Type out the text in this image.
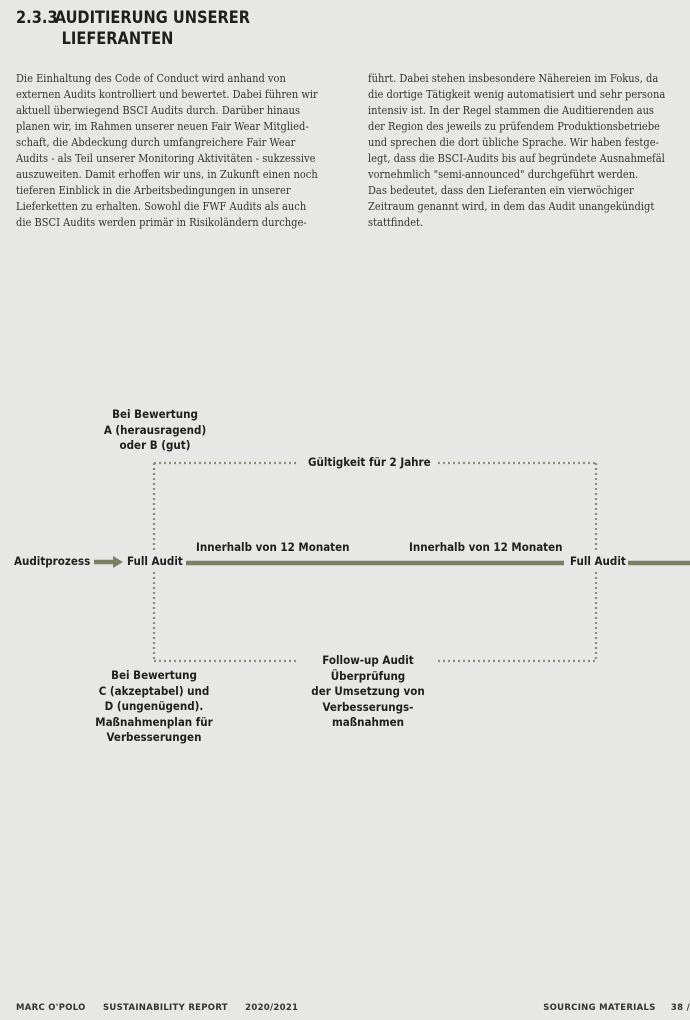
2.3.3AUDITIERUNG UNSERER
LIEFERANTEN
Die Einhaltung des Code of Conduct wird anhand von
externen Audits kontrolliert und bewertet. Dabei führen wir
aktuell überwiegend BSCI Audits durch. Darüber hinaus
planen wir, im Rahmen unserer neuen Fair Wear Mitglied-
schaft, die Abdeckung durch umfangreichere Fair Wear
Audits - als Teil unserer Monitoring Aktivitäten - sukzessive
auszuweiten. Damit erhoffen wir uns, in Zukunft einen noch
tieferen Einblick in die Arbeitsbedingungen in unserer
Lieferketten zu erhalten. Sowohl die FWF Audits als auch
die BSCI Audits werden primär in Risikoländern durchge-
führt. Dabei stehen insbesondere Nähereien im Fokus, da
die dortige Tätigkeit wenig automatisiert und sehr persona
intensiv ist. In der Regel stammen die Auditierenden aus
der Region des jeweils zu prüfendem Produktionsbetriebe
und sprechen die dort übliche Sprache. Wir haben festge-
legt, dass die BSCI-Audits bis auf begründete Ausnahmefäl
vornehmlich "semi-announced" durchgeführt werden.
Das bedeutet, dass den Lieferanten ein vierwöchiger
Zeitraum genannt wird, in dem das Audit unangekündigt
stattfindet.
Auditprozess	Full Audit	Full Audit
Innerhalb von 12 Monaten	Innerhalb von 12 Monaten
Gültigkeit für 2 Jahre
Bei Bewertung
A (herausragend)
oder B (gut)
Bei Bewertung
C (akzeptabel) und
D (ungenügend).
Maßnahmenplan für
Verbesserungen
Follow-up Audit
Überprüfung
der Umsetzung von
Verbesserungs-
maßnahmen
MARC O'POLO SUSTAINABILITY REPORT 2020/2021	SOURCING MATERIALS 38 /
